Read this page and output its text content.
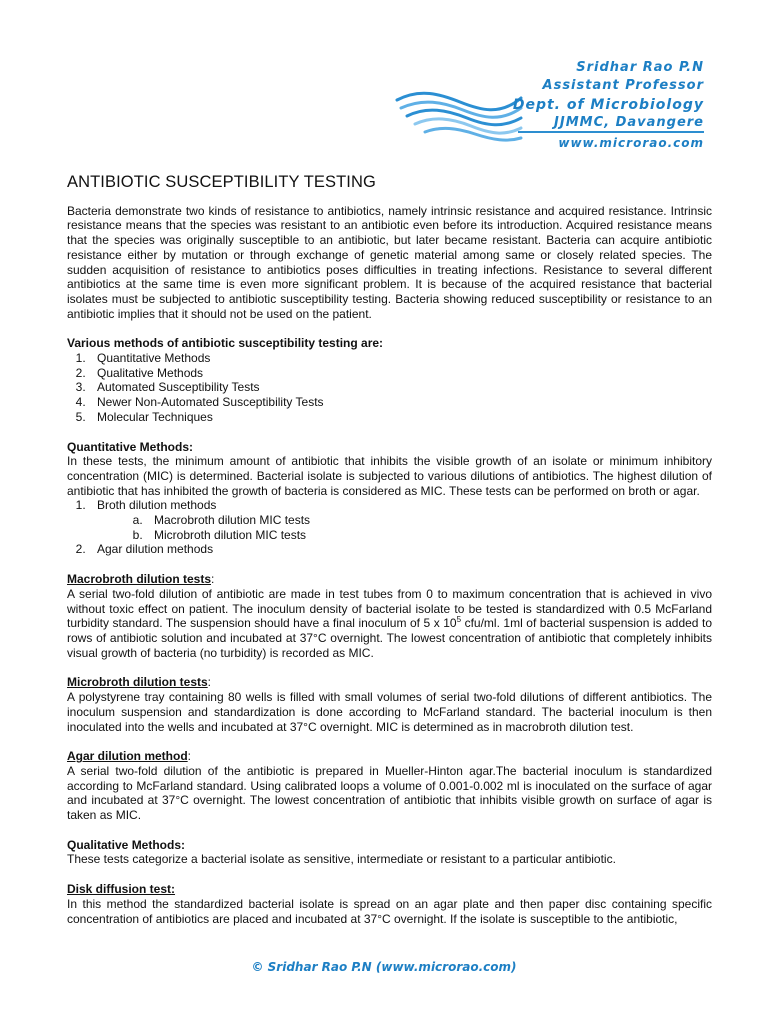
Sridhar Rao P.N
Assistant Professor
Dept. of Microbiology
JJMMC, Davangere
www.microrao.com
ANTIBIOTIC SUSCEPTIBILITY TESTING

Bacteria demonstrate two kinds of resistance to antibiotics, namely intrinsic resistance and acquired resistance. Intrinsic resistance means that the species was resistant to an antibiotic even before its introduction. Acquired resistance means that the species was originally susceptible to an antibiotic, but later became resistant. Bacteria can acquire antibiotic resistance either by mutation or through exchange of genetic material among same or closely related species. The sudden acquisition of resistance to antibiotics poses difficulties in treating infections. Resistance to several different antibiotics at the same time is even more significant problem. It is because of the acquired resistance that bacterial isolates must be subjected to antibiotic susceptibility testing. Bacteria showing reduced susceptibility or resistance to an antibiotic implies that it should not be used on the patient.

Various methods of antibiotic susceptibility testing are:

1. Quantitative Methods
2. Qualitative Methods
3. Automated Susceptibility Tests
4. Newer Non-Automated Susceptibility Tests
5. Molecular Techniques

Quantitative Methods:

In these tests, the minimum amount of antibiotic that inhibits the visible growth of an isolate or minimum inhibitory concentration (MIC) is determined. Bacterial isolate is subjected to various dilutions of antibiotics. The highest dilution of antibiotic that has inhibited the growth of bacteria is considered as MIC. These tests can be performed on broth or agar.

1. Broth dilution methods
a. Macrobroth dilution MIC tests
b. Microbroth dilution MIC tests
2. Agar dilution methods

Macrobroth dilution tests:

A serial two-fold dilution of antibiotic are made in test tubes from 0 to maximum concentration that is achieved in vivo without toxic effect on patient. The inoculum density of bacterial isolate to be tested is standardized with 0.5 McFarland turbidity standard. The suspension should have a final inoculum of 5 x $10^5$ cfu/ml. 1ml of bacterial suspension is added to rows of antibiotic solution and incubated at 37°C overnight. The lowest concentration of antibiotic that completely inhibits visual growth of bacteria (no turbidity) is recorded as MIC.

Microbroth dilution tests:

A polystyrene tray containing 80 wells is filled with small volumes of serial two-fold dilutions of different antibiotics. The inoculum suspension and standardization is done according to McFarland standard. The bacterial inoculum is then inoculated into the wells and incubated at 37°C overnight. MIC is determined as in macrobroth dilution test.

Agar dilution method:

A serial two-fold dilution of the antibiotic is prepared in Mueller-Hinton agar.The bacterial inoculum is standardized according to McFarland standard. Using calibrated loops a volume of 0.001-0.002 ml is inoculated on the surface of agar and incubated at 37°C overnight. The lowest concentration of antibiotic that inhibits visible growth on surface of agar is taken as MIC.

Qualitative Methods:

These tests categorize a bacterial isolate as sensitive, intermediate or resistant to a particular antibiotic.

Disk diffusion test:

In this method the standardized bacterial isolate is spread on an agar plate and then paper disc containing specific concentration of antibiotics are placed and incubated at 37°C overnight. If the isolate is susceptible to the antibiotic,

© Sridhar Rao P.N (www.microrao.com)
